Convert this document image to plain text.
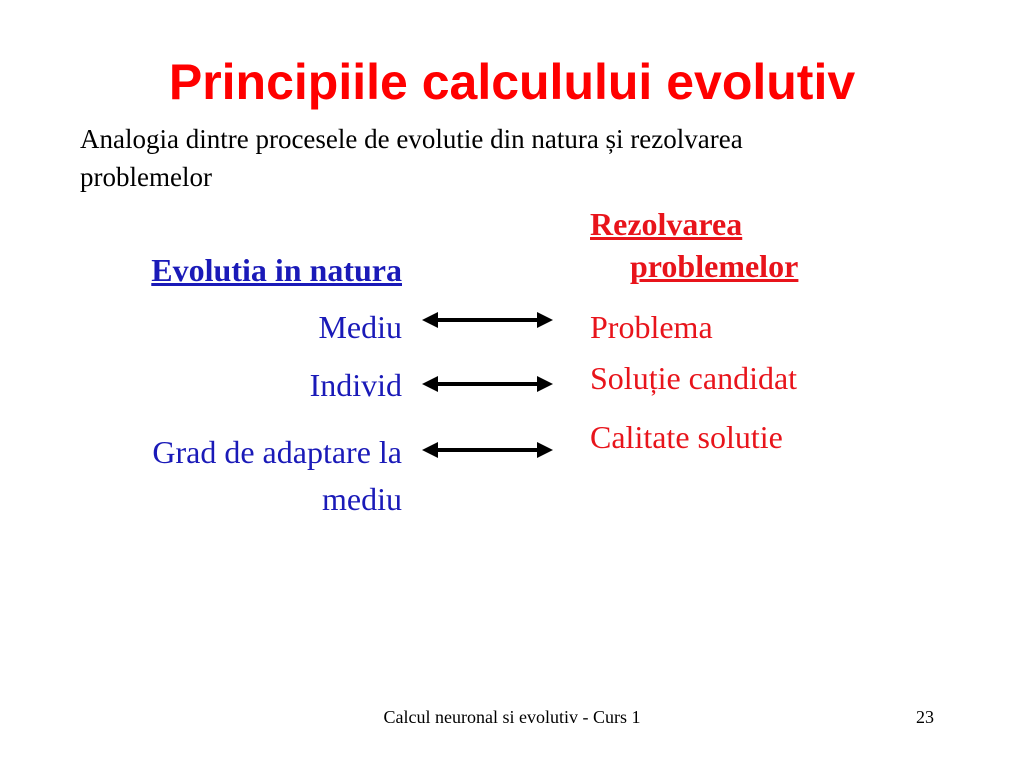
Principiile calculului evolutiv
Analogia dintre procesele de evolutie din natura și rezolvarea problemelor
Evolutia in natura
Rezolvarea
problemelor
Mediu
Individ
Grad de adaptare la
mediu
Problema
Soluție candidat
Calitate solutie
Calcul neuronal si evolutiv - Curs 1	23
